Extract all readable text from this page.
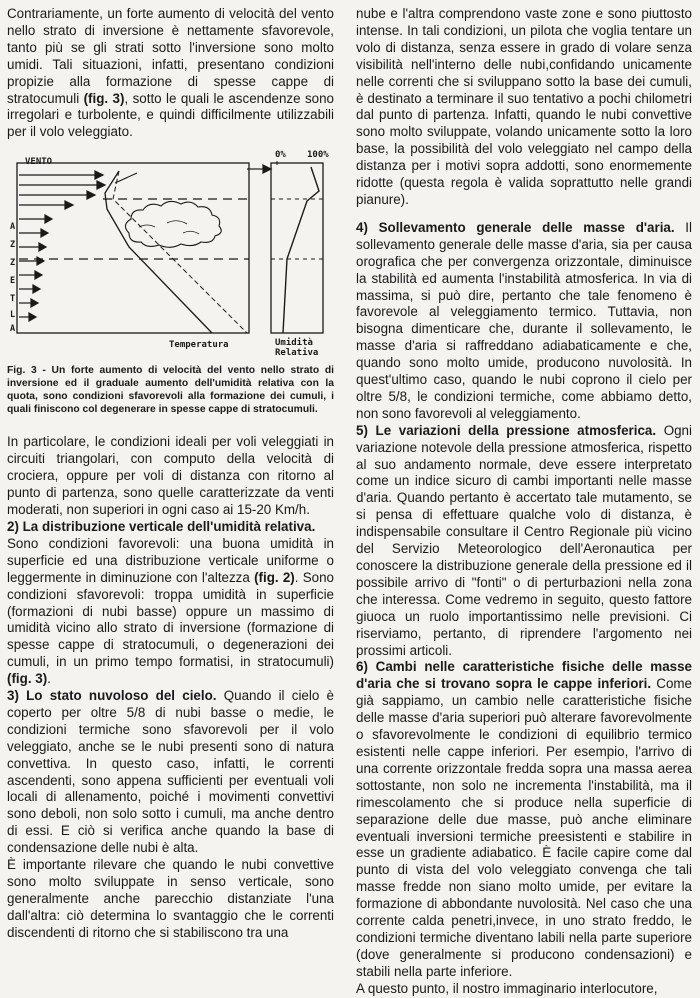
Contrariamente, un forte aumento di velocità del vento nello strato di inversione è nettamente sfavorevole, tanto più se gli strati sotto l'inversione sono molto umidi. Tali situazioni, infatti, presentano condizioni propizie alla formazione di spesse cappe di stratocumuli (fig. 3), sotto le quali le ascendenze sono irregolari e turbolente, e quindi difficilmente utilizzabili per il volo veleggiato.

VENTO
0% 100%
Temperatura	Umidità
Relativa
A
Z
Z
E
T
L
A

Fig. 3 - Un forte aumento di velocità del vento nello strato di inversione ed il graduale aumento dell'umidità relativa con la quota, sono condizioni sfavorevoli alla formazione dei cumuli, i quali finiscono col degenerare in spesse cappe di stratocumuli.

In particolare, le condizioni ideali per voli veleggiati in circuiti triangolari, con computo della velocità di crociera, oppure per voli di distanza con ritorno al punto di partenza, sono quelle caratterizzate da venti moderati, non superiori in ogni caso ai 15-20 Km/h.

2) La distribuzione verticale dell'umidità relativa.
Sono condizioni favorevoli: una buona umidità in superficie ed una distribuzione verticale uniforme o leggermente in diminuzione con l'altezza (fig. 2). Sono condizioni sfavorevoli: troppa umidità in superficie (formazioni di nubi basse) oppure un massimo di umidità vicino allo strato di inversione (formazione di spesse cappe di stratocumuli, o degenerazioni dei cumuli, in un primo tempo formatisi, in stratocumuli) (fig. 3).

3) Lo stato nuvoloso del cielo. Quando il cielo è coperto per oltre 5/8 di nubi basse o medie, le condizioni termiche sono sfavorevoli per il volo veleggiato, anche se le nubi presenti sono di natura convettiva. In questo caso, infatti, le correnti ascendenti, sono appena sufficienti per eventuali voli locali di allenamento, poiché i movimenti convettivi sono deboli, non solo sotto i cumuli, ma anche dentro di essi. E ciò si verifica anche quando la base di condensazione delle nubi è alta.

È importante rilevare che quando le nubi convettive sono molto sviluppate in senso verticale, sono generalmente anche parecchio distanziate l'una dall'altra: ciò determina lo svantaggio che le correnti discendenti di ritorno che si stabiliscono tra una

nube e l'altra comprendono vaste zone e sono piuttosto intense. In tali condizioni, un pilota che voglia tentare un volo di distanza, senza essere in grado di volare senza visibilità nell'interno delle nubi,confidando unicamente nelle correnti che si sviluppano sotto la base dei cumuli, è destinato a terminare il suo tentativo a pochi chilometri dal punto di partenza. Infatti, quando le nubi convettive sono molto sviluppate, volando unicamente sotto la loro base, la possibilità del volo veleggiato nel campo della distanza per i motivi sopra addotti, sono enormemente ridotte (questa regola è valida soprattutto nelle grandi pianure).

4) Sollevamento generale delle masse d'aria. Il sollevamento generale delle masse d'aria, sia per causa orografica che per convergenza orizzontale, diminuisce la stabilità ed aumenta l'instabilità atmosferica. In via di massima, si può dire, pertanto che tale fenomeno è favorevole al veleggiamento termico. Tuttavia, non bisogna dimenticare che, durante il sollevamento, le masse d'aria si raffreddano adiabaticamente e che, quando sono molto umide, producono nuvolosità. In quest'ultimo caso, quando le nubi coprono il cielo per oltre 5/8, le condizioni termiche, come abbiamo detto, non sono favorevoli al veleggiamento.

5) Le variazioni della pressione atmosferica. Ogni variazione notevole della pressione atmosferica, rispetto al suo andamento normale, deve essere interpretato come un indice sicuro di cambi importanti nelle masse d'aria. Quando pertanto è accertato tale mutamento, se si pensa di effettuare qualche volo di distanza, è indispensabile consultare il Centro Regionale più vicino del Servizio Meteorologico dell'Aeronautica per conoscere la distribuzione generale della pressione ed il possibile arrivo di "fonti" o di perturbazioni nella zona che interessa. Come vedremo in seguito, questo fattore giuoca un ruolo importantissimo nelle previsioni. Ci riserviamo, pertanto, di riprendere l'argomento nei prossimi articoli.

6) Cambi nelle caratteristiche fisiche delle masse d'aria che si trovano sopra le cappe inferiori. Come già sappiamo, un cambio nelle caratteristiche fisiche delle masse d'aria superiori può alterare favorevolmente o sfavorevolmente le condizioni di equilibrio termico esistenti nelle cappe inferiori. Per esempio, l'arrivo di una corrente orizzontale fredda sopra una massa aerea sottostante, non solo ne incrementa l'instabilità, ma il rimescolamento che si produce nella superficie di separazione delle due masse, può anche eliminare eventuali inversioni termiche preesistenti e stabilire in esse un gradiente adiabatico. È facile capire come dal punto di vista del volo veleggiato convenga che tali masse fredde non siano molto umide, per evitare la formazione di abbondante nuvolosità. Nel caso che una corrente calda penetri,invece, in uno strato freddo, le condizioni termiche diventano labili nella parte superiore (dove generalmente si producono condensazioni) e stabili nella parte inferiore.

A questo punto, il nostro immaginario interlocutore,
